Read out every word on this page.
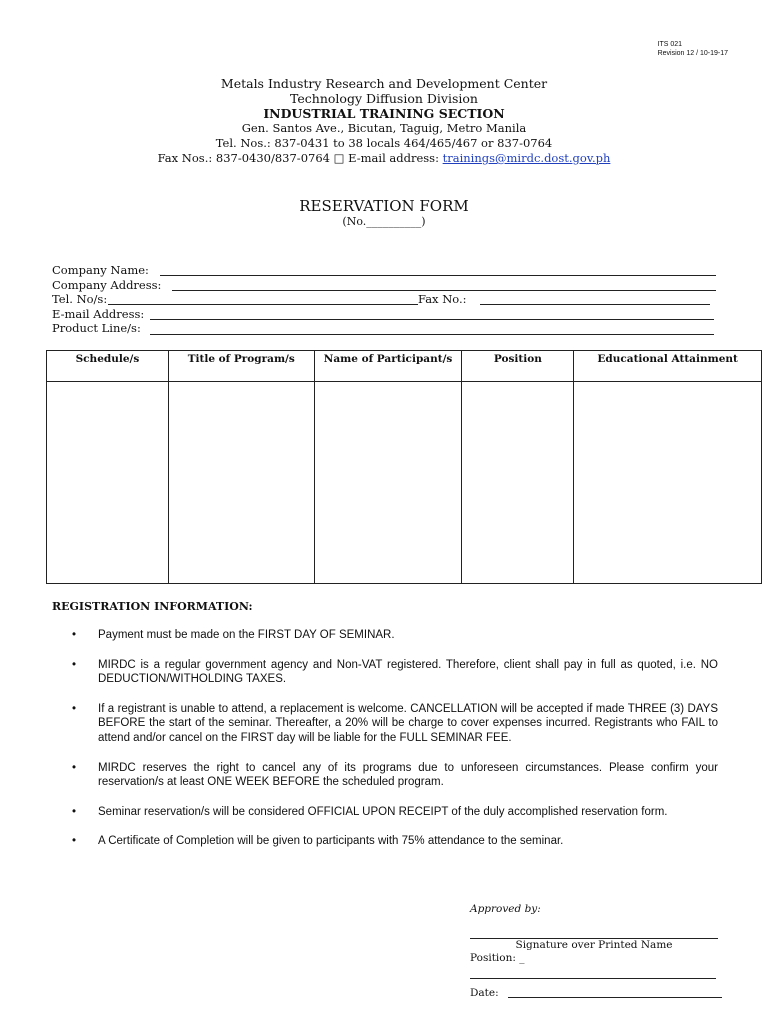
ITS 021
Revision 12 / 10-19-17
Metals Industry Research and Development Center
Technology Diffusion Division
INDUSTRIAL TRAINING SECTION
Gen. Santos Ave., Bicutan, Taguig, Metro Manila
Tel. Nos.: 837-0431 to 38 locals 464/465/467 or 837-0764
Fax Nos.: 837-0430/837-0764 □ E-mail address: trainings@mirdc.dost.gov.ph
RESERVATION FORM
(No.__________)
Company Name:
Company Address:
Tel. No/s:	Fax No.:
E-mail Address:
Product Line/s:
Schedule/s	Title of Program/s	Name of Participant/s	Position	Educational Attainment

REGISTRATION INFORMATION:
• Payment must be made on the FIRST DAY OF SEMINAR.
• MIRDC is a regular government agency and Non-VAT registered. Therefore, client shall pay in full as quoted, i.e. NO DEDUCTION/WITHOLDING TAXES.
• If a registrant is unable to attend, a replacement is welcome. CANCELLATION will be accepted if made THREE (3) DAYS BEFORE the start of the seminar. Thereafter, a 20% will be charge to cover expenses incurred. Registrants who FAIL to attend and/or cancel on the FIRST day will be liable for the FULL SEMINAR FEE.
• MIRDC reserves the right to cancel any of its programs due to unforeseen circumstances. Please confirm your reservation/s at least ONE WEEK BEFORE the scheduled program.
• Seminar reservation/s will be considered OFFICIAL UPON RECEIPT of the duly accomplished reservation form.
• A Certificate of Completion will be given to participants with 75% attendance to the seminar.
Approved by:
Signature over Printed Name
Position: _
Date:
